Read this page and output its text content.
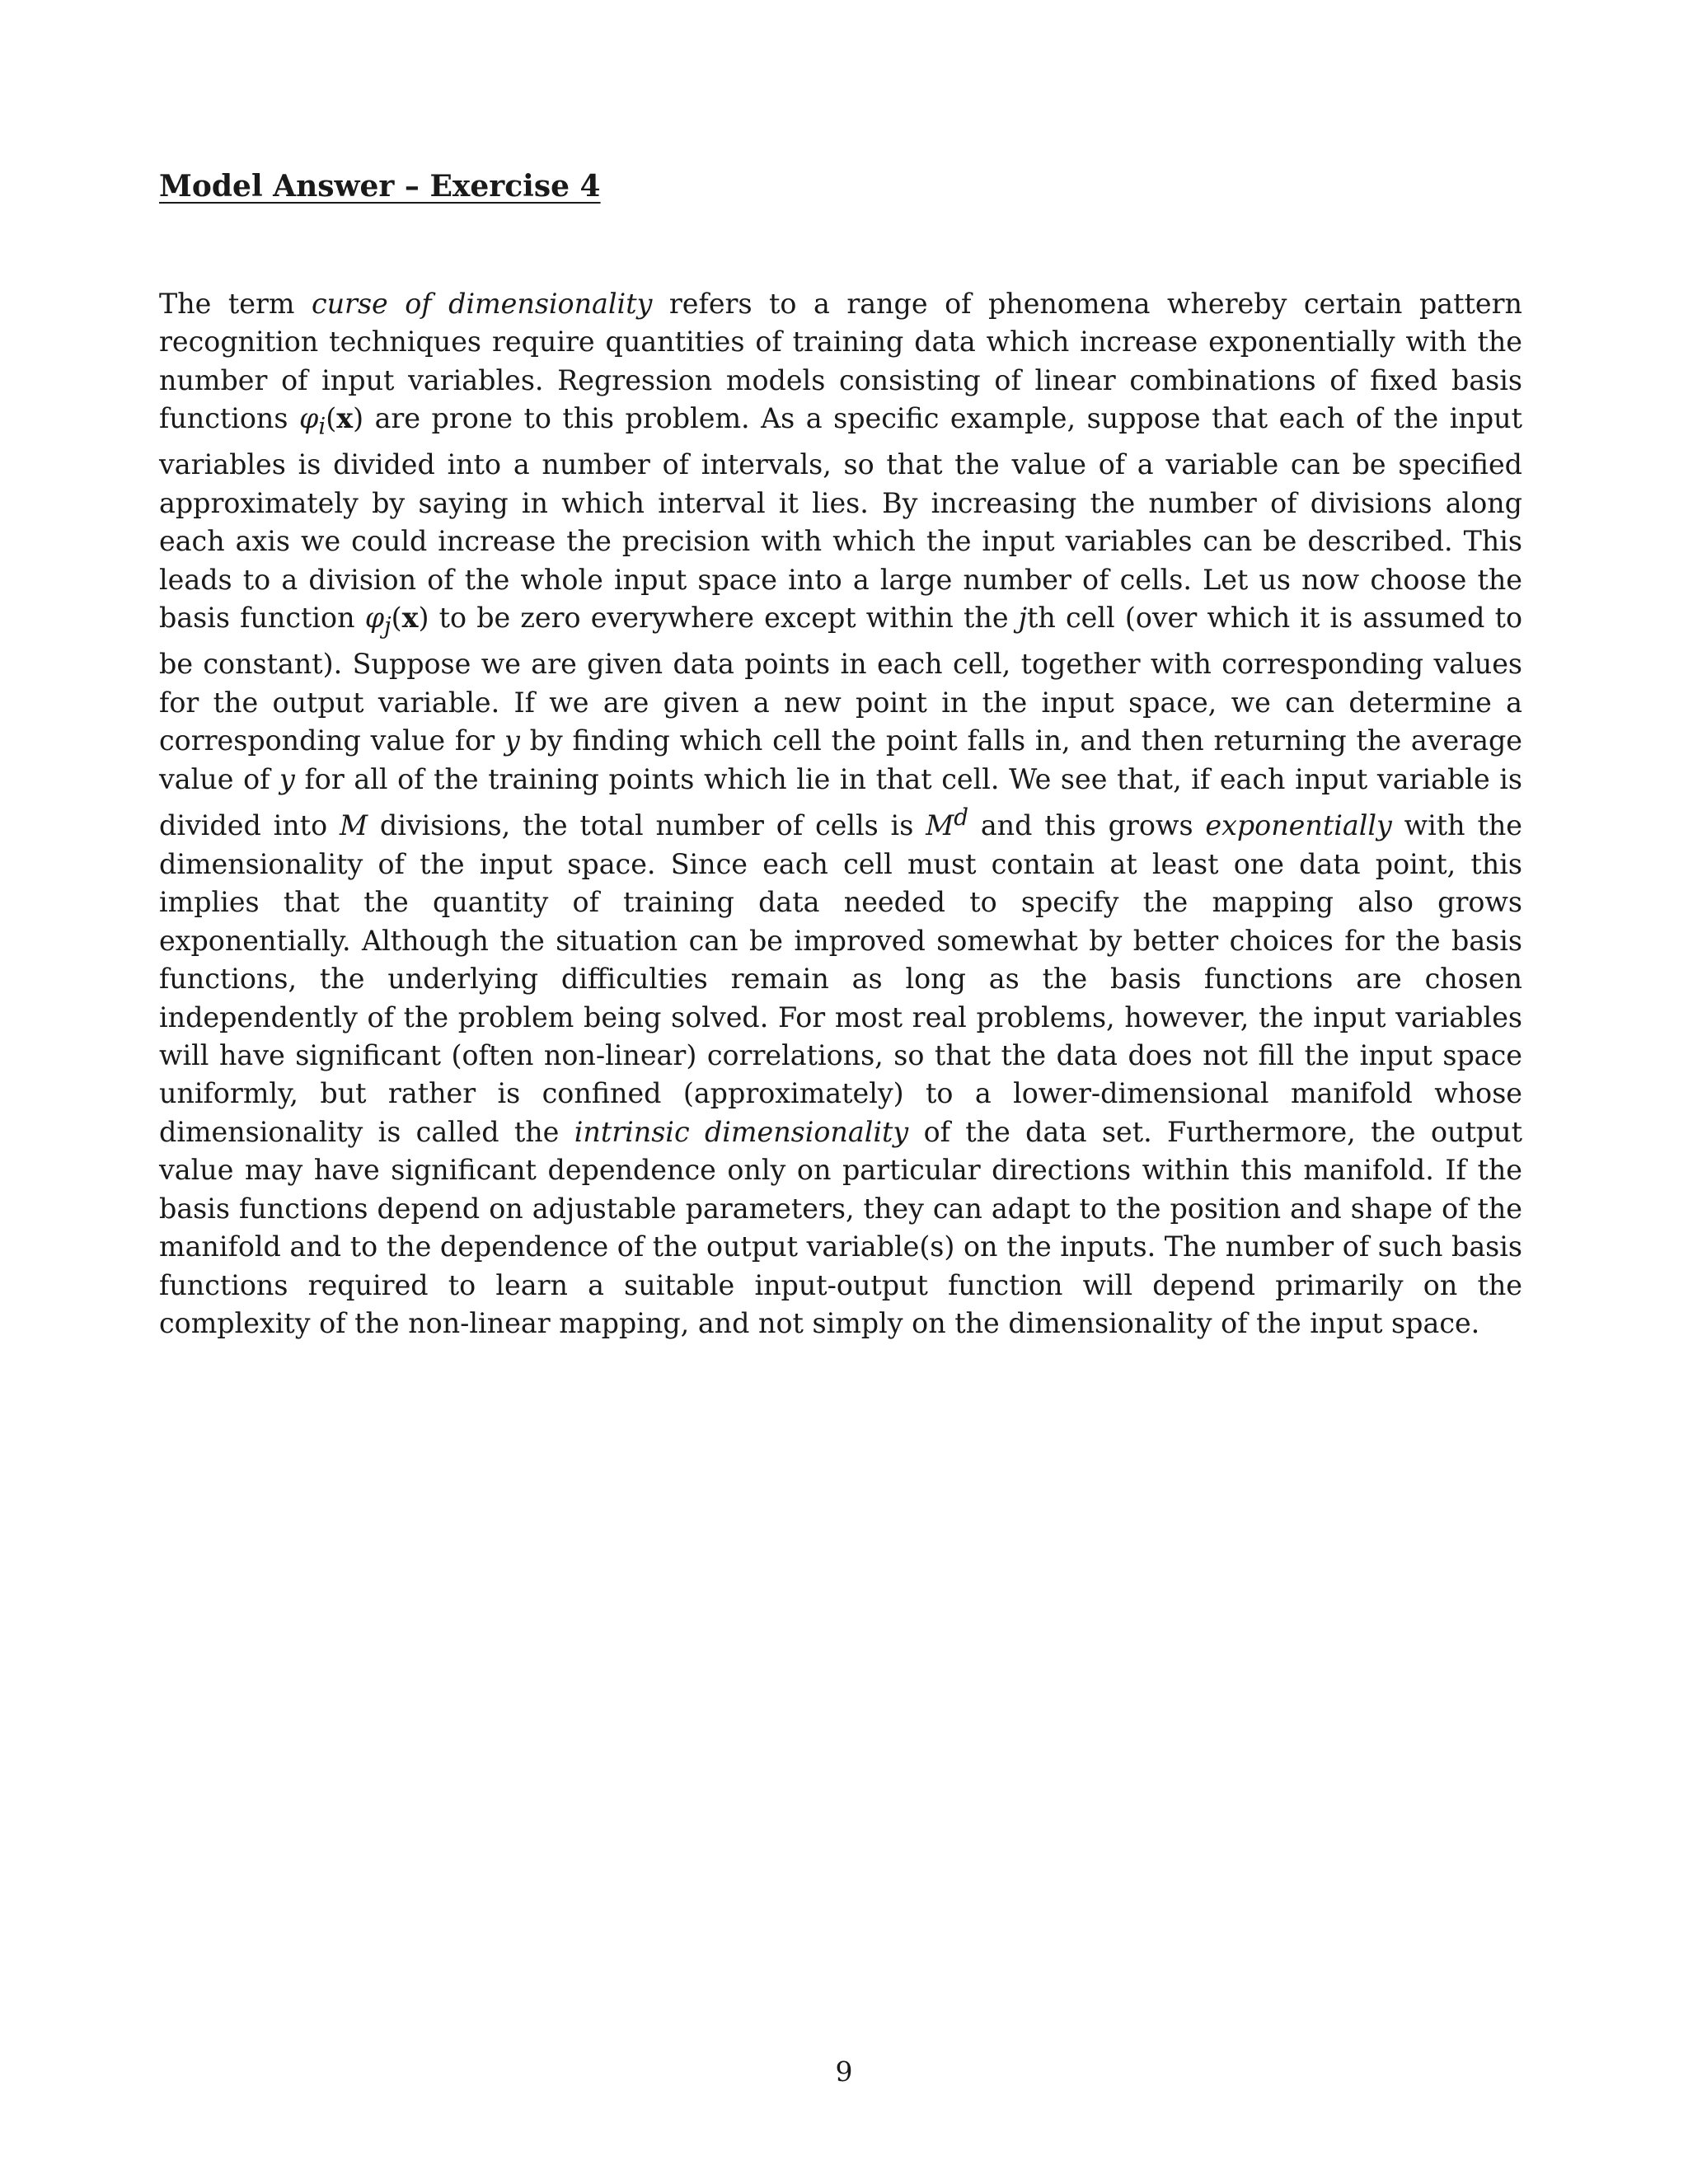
Model Answer – Exercise 4

The term curse of dimensionality refers to a range of phenomena whereby certain pattern recognition techniques require quantities of training data which increase exponentially with the number of input variables. Regression models consisting of linear combinations of fixed basis functions $\varphi_i(x)$ are prone to this problem. As a specific example, suppose that each of the input variables is divided into a number of intervals, so that the value of a variable can be specified approximately by saying in which interval it lies. By increasing the number of divisions along each axis we could increase the precision with which the input variables can be described. This leads to a division of the whole input space into a large number of cells. Let us now choose the basis function $\varphi_j(x)$ to be zero everywhere except within the jth cell (over which it is assumed to be constant). Suppose we are given data points in each cell, together with corresponding values for the output variable. If we are given a new point in the input space, we can determine a corresponding value for y by finding which cell the point falls in, and then returning the average value of y for all of the training points which lie in that cell. We see that, if each input variable is divided into M divisions, the total number of cells is $M^d$ and this grows exponentially with the dimensionality of the input space. Since each cell must contain at least one data point, this implies that the quantity of training data needed to specify the mapping also grows exponentially. Although the situation can be improved somewhat by better choices for the basis functions, the underlying difficulties remain as long as the basis functions are chosen independently of the problem being solved. For most real problems, however, the input variables will have significant (often non-linear) correlations, so that the data does not fill the input space uniformly, but rather is confined (approximately) to a lower-dimensional manifold whose dimensionality is called the intrinsic dimensionality of the data set. Furthermore, the output value may have significant dependence only on particular directions within this manifold. If the basis functions depend on adjustable parameters, they can adapt to the position and shape of the manifold and to the dependence of the output variable(s) on the inputs. The number of such basis functions required to learn a suitable input-output function will depend primarily on the complexity of the non-linear mapping, and not simply on the dimensionality of the input space.

9
